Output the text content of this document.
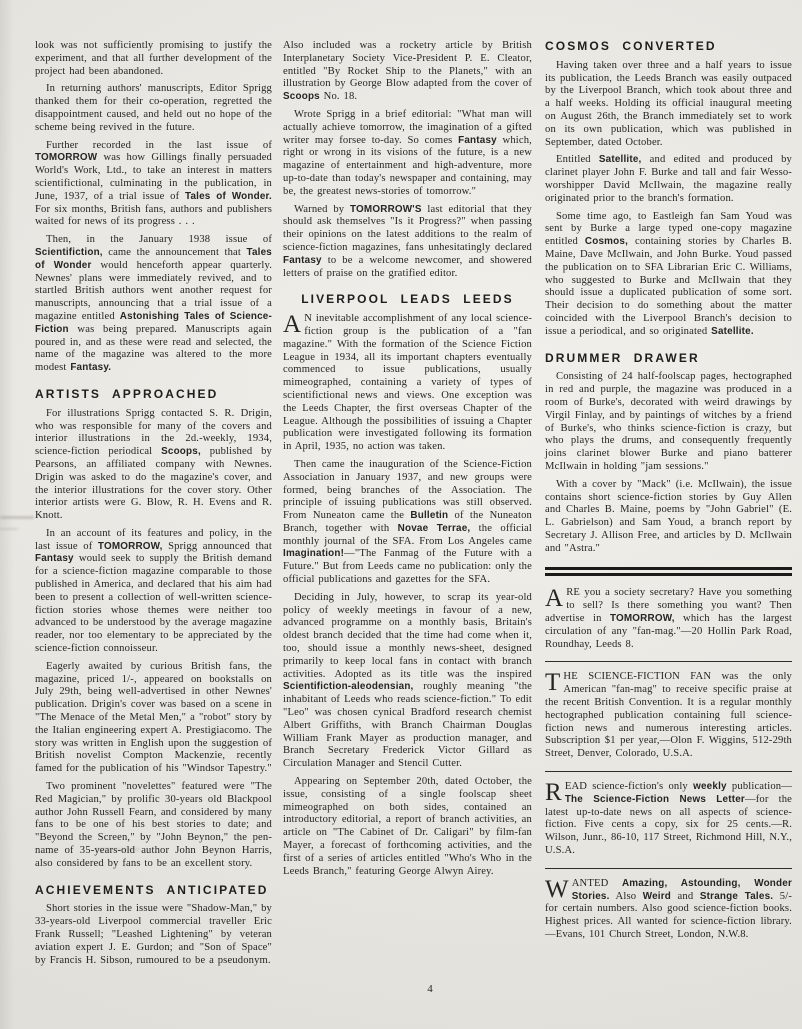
look was not sufficiently promising to justify the experiment, and that all further development of the project had been abandoned.

In returning authors' manuscripts, Editor Sprigg thanked them for their co-operation, regretted the disappointment caused, and held out no hope of the scheme being revived in the future.

Further recorded in the last issue of TOMORROW was how Gillings finally persuaded World's Work, Ltd., to take an interest in matters scientifictional, culminating in the publication, in June, 1937, of a trial issue of Tales of Wonder. For six months, British fans, authors and publishers waited for news of its progress . . .

Then, in the January 1938 issue of Scientifiction, came the announcement that Tales of Wonder would henceforth appear quarterly. Newnes' plans were immediately revived, and to startled British authors went another request for manuscripts, announcing that a trial issue of a magazine entitled Astonishing Tales of Science-Fiction was being prepared. Manuscripts again poured in, and as these were read and selected, the name of the magazine was altered to the more modest Fantasy.

ARTISTS APPROACHED

For illustrations Sprigg contacted S. R. Drigin, who was responsible for many of the covers and interior illustrations in the 2d.-weekly, 1934, science-fiction periodical Scoops, published by Pearsons, an affiliated company with Newnes. Drigin was asked to do the magazine's cover, and the interior illustrations for the cover story. Other interior artists were G. Blow, R. H. Evens and R. Knott.

In an account of its features and policy, in the last issue of TOMORROW, Sprigg announced that Fantasy would seek to supply the British demand for a science-fiction magazine comparable to those published in America, and declared that his aim had been to present a collection of well-written science-fiction stories whose themes were neither too advanced to be understood by the average magazine reader, nor too elementary to be appreciated by the science-fiction connoisseur.

Eagerly awaited by curious British fans, the magazine, priced 1/-, appeared on bookstalls on July 29th, being well-advertised in other Newnes' publication. Drigin's cover was based on a scene in "The Menace of the Metal Men," a "robot" story by the Italian engineering expert A. Prestigiacomo. The story was written in English upon the suggestion of British novelist Compton Mackenzie, recently famed for the publication of his "Windsor Tapestry."

Two prominent "novelettes" featured were "The Red Magician," by prolific 30-years old Blackpool author John Russell Fearn, and considered by many fans to be one of his best stories to date; and "Beyond the Screen," by "John Beynon," the pen-name of 35-years-old author John Beynon Harris, also considered by fans to be an excellent story.

ACHIEVEMENTS ANTICIPATED

Short stories in the issue were "Shadow-Man," by 33-years-old Liverpool commercial traveller Eric Frank Russell; "Leashed Lightening" by veteran aviation expert J. E. Gurdon; and "Son of Space" by Francis H. Sibson, rumoured to be a pseudonym.

Also included was a rocketry article by British Interplanetary Society Vice-President P. E. Cleator, entitled "By Rocket Ship to the Planets," with an illustration by George Blow adapted from the cover of Scoops No. 18.

Wrote Sprigg in a brief editorial: "What man will actually achieve tomorrow, the imagination of a gifted writer may forsee to-day. So comes Fantasy which, right or wrong in its visions of the future, is a new magazine of entertainment and high-adventure, more up-to-date than today's newspaper and containing, may be, the greatest news-stories of tomorrow."

Warned by TOMORROW'S last editorial that they should ask themselves "Is it Progress?" when passing their opinions on the latest additions to the realm of science-fiction magazines, fans unhesitatingly declared Fantasy to be a welcome newcomer, and showered letters of praise on the gratified editor.

LIVERPOOL LEADS LEEDS

A N inevitable accomplishment of any local science-fiction group is the publication of a "fan magazine." With the formation of the Science Fiction League in 1934, all its important chapters eventually commenced to issue publications, usually mimeographed, containing a variety of types of scientifictional news and views. One exception was the Leeds Chapter, the first overseas Chapter of the League. Although the possibilities of issuing a Chapter publication were investigated following its formation in April, 1935, no action was taken.

Then came the inauguration of the Science-Fiction Association in January 1937, and new groups were formed, being branches of the Association. The principle of issuing publications was still observed. From Nuneaton came the Bulletin of the Nuneaton Branch, together with Novae Terrae, the official monthly journal of the SFA. From Los Angeles came Imagination!—"The Fanmag of the Future with a Future." But from Leeds came no publication: only the official publications and gazettes for the SFA.

Deciding in July, however, to scrap its year-old policy of weekly meetings in favour of a new, advanced programme on a monthly basis, Britain's oldest branch decided that the time had come when it, too, should issue a monthly news-sheet, designed primarily to keep local fans in contact with branch activities. Adopted as its title was the inspired Scientifiction-aleodensian, roughly meaning "the inhabitant of Leeds who reads science-fiction." To edit "Leo" was chosen cynical Bradford research chemist Albert Griffiths, with Branch Chairman Douglas William Frank Mayer as production manager, and Branch Secretary Frederick Victor Gillard as Circulation Manager and Stencil Cutter.

Appearing on September 20th, dated October, the issue, consisting of a single foolscap sheet mimeographed on both sides, contained an introductory editorial, a report of branch activities, an article on "The Cabinet of Dr. Caligari" by film-fan Mayer, a forecast of forthcoming activities, and the first of a series of articles entitled "Who's Who in the Leeds Branch," featuring George Alwyn Airey.

COSMOS CONVERTED

Having taken over three and a half years to issue its publication, the Leeds Branch was easily outpaced by the Liverpool Branch, which took about three and a half weeks. Holding its official inaugural meeting on August 26th, the Branch immediately set to work on its own publication, which was published in September, dated October.

Entitled Satellite, and edited and produced by clarinet player John F. Burke and tall and fair Wesso-worshipper David McIlwain, the magazine really originated prior to the branch's formation.

Some time ago, to Eastleigh fan Sam Youd was sent by Burke a large typed one-copy magazine entitled Cosmos, containing stories by Charles B. Maine, Dave McIlwain, and John Burke. Youd passed the publication on to SFA Librarian Eric C. Williams, who suggested to Burke and McIlwain that they should issue a duplicated publication of some sort. Their decision to do something about the matter coincided with the Liverpool Branch's decision to issue a periodical, and so originated Satellite.

DRUMMER DRAWER

Consisting of 24 half-foolscap pages, hectographed in red and purple, the magazine was produced in a room of Burke's, decorated with weird drawings by Virgil Finlay, and by paintings of witches by a friend of Burke's, who thinks science-fiction is crazy, but who plays the drums, and consequently frequently joins clarinet blower Burke and piano batterer McIlwain in holding "jam sessions."

With a cover by "Mack" (i.e. McIlwain), the issue contains short science-fiction stories by Guy Allen and Charles B. Maine, poems by "John Gabriel" (E. L. Gabrielson) and Sam Youd, a branch report by Secretary J. Allison Free, and articles by D. McIlwain and "Astra."

ARE you a society secretary? Have you something to sell? Is there something you want? Then advertise in TOMORROW, which has the largest circulation of any "fan-mag."—20 Hollin Park Road, Roundhay, Leeds 8.

THE SCIENCE-FICTION FAN was the only American "fan-mag" to receive specific praise at the recent British Convention. It is a regular monthly hectographed publication containing full science-fiction news and numerous interesting articles. Subscription $1 per year,—Olon F. Wiggins, 512-29th Street, Denver, Colorado, U.S.A.

READ science-fiction's only weekly publication—The Science-Fiction News Letter—for the latest up-to-date news on all aspects of science-fiction. Five cents a copy, six for 25 cents.—R. Wilson, Junr., 86-10, 117 Street, Richmond Hill, N.Y., U.S.A.

WANTED Amazing, Astounding, Wonder Stories. Also Weird and Strange Tales. 5/- for certain numbers. Also good science-fiction books. Highest prices. All wanted for science-fiction library.—Evans, 101 Church Street, London, N.W.8.

4
